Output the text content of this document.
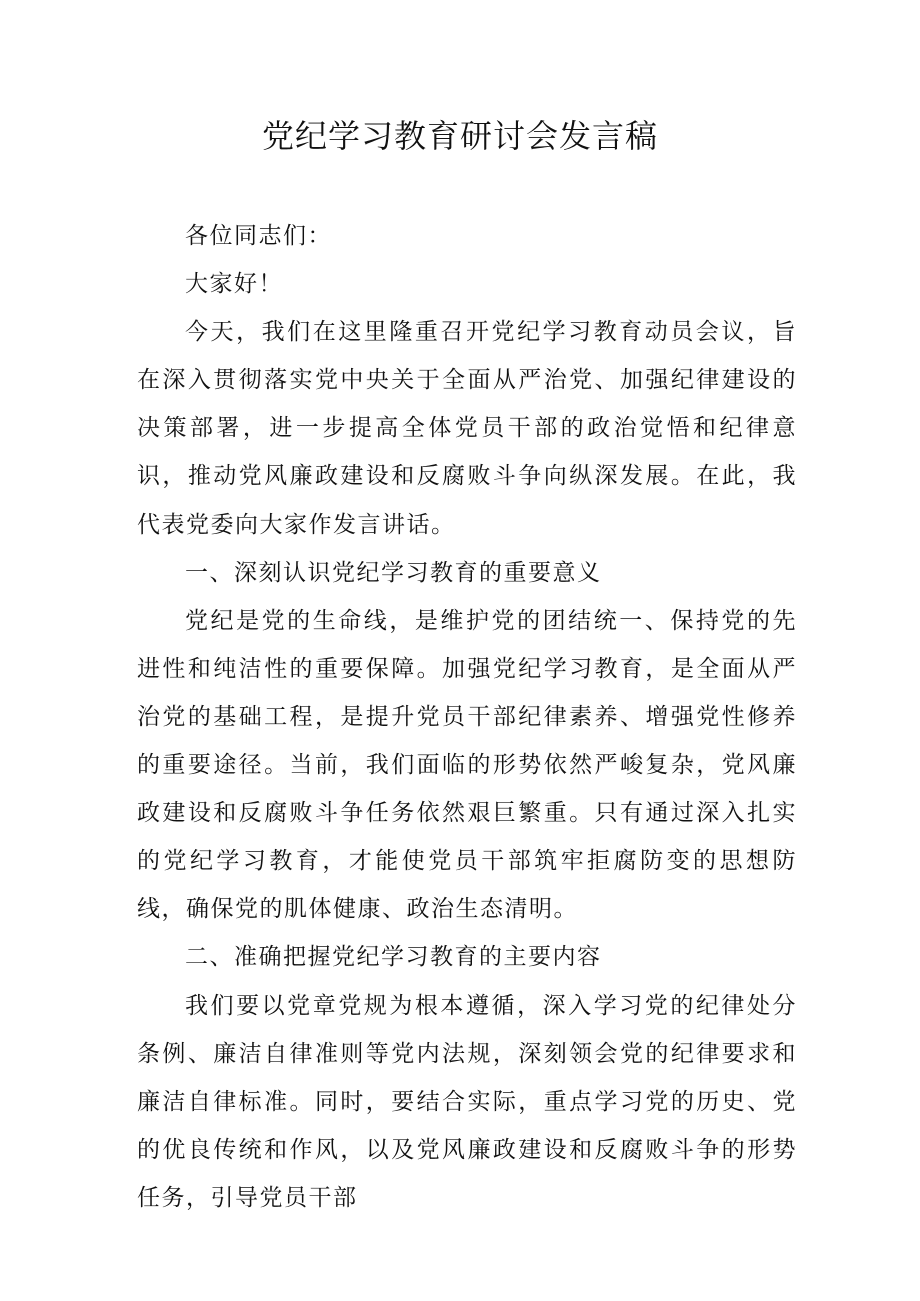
党纪学习教育研讨会发言稿

各位同志们：

大家好！

今天，我们在这里隆重召开党纪学习教育动员会议，旨在深入贯彻落实党中央关于全面从严治党、加强纪律建设的决策部署，进一步提高全体党员干部的政治觉悟和纪律意识，推动党风廉政建设和反腐败斗争向纵深发展。在此，我代表党委向大家作发言讲话。

一、深刻认识党纪学习教育的重要意义

党纪是党的生命线，是维护党的团结统一、保持党的先进性和纯洁性的重要保障。加强党纪学习教育，是全面从严治党的基础工程，是提升党员干部纪律素养、增强党性修养的重要途径。当前，我们面临的形势依然严峻复杂，党风廉政建设和反腐败斗争任务依然艰巨繁重。只有通过深入扎实的党纪学习教育，才能使党员干部筑牢拒腐防变的思想防线，确保党的肌体健康、政治生态清明。

二、准确把握党纪学习教育的主要内容

我们要以党章党规为根本遵循，深入学习党的纪律处分条例、廉洁自律准则等党内法规，深刻领会党的纪律要求和廉洁自律标准。同时，要结合实际，重点学习党的历史、党的优良传统和作风，以及党风廉政建设和反腐败斗争的形势任务，引导党员干部
